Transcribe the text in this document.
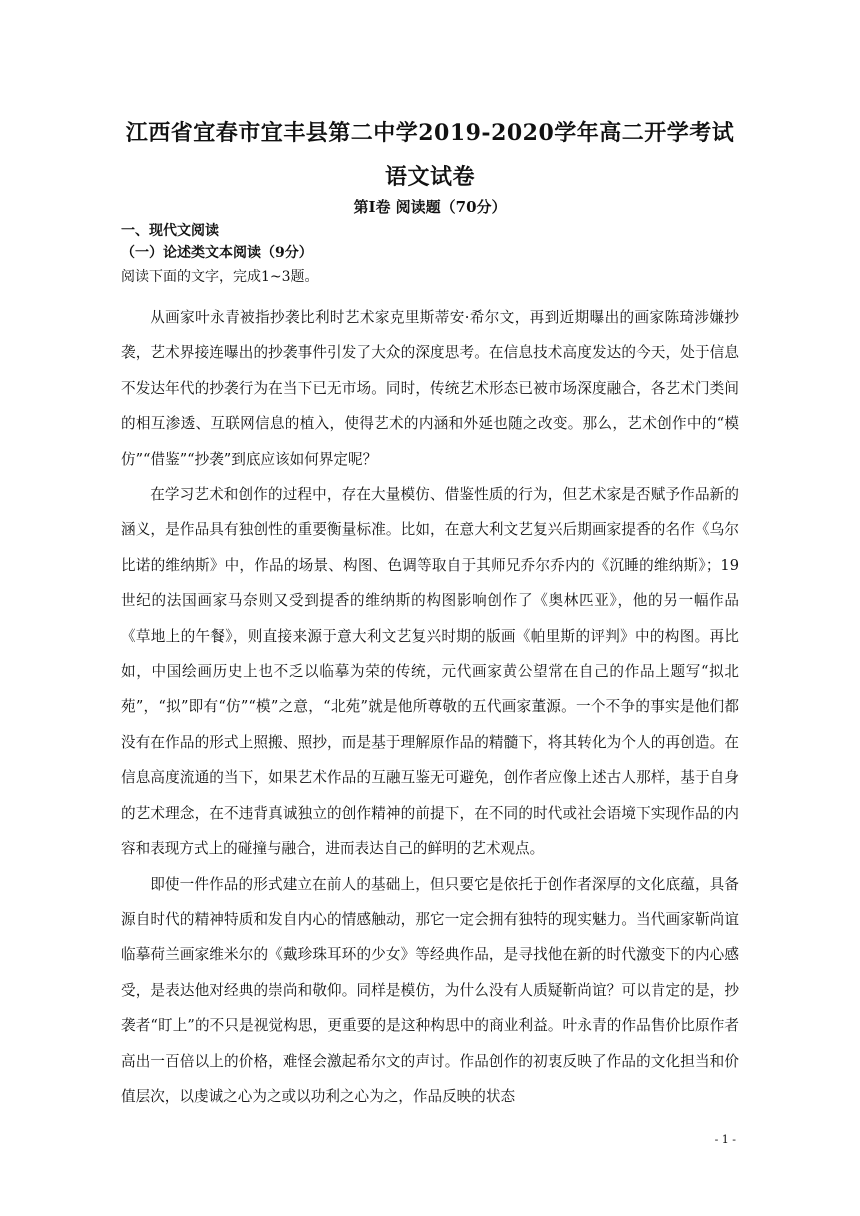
江西省宜春市宜丰县第二中学2019-2020学年高二开学考试
语文试卷
第Ⅰ卷 阅读题（70分）
一、现代文阅读
（一）论述类文本阅读（9分）
阅读下面的文字，完成1~3题。

从画家叶永青被指抄袭比利时艺术家克里斯蒂安·希尔文，再到近期曝出的画家陈琦涉嫌抄袭，艺术界接连曝出的抄袭事件引发了大众的深度思考。在信息技术高度发达的今天，处于信息不发达年代的抄袭行为在当下已无市场。同时，传统艺术形态已被市场深度融合，各艺术门类间的相互渗透、互联网信息的植入，使得艺术的内涵和外延也随之改变。那么，艺术创作中的“模仿”“借鉴”“抄袭”到底应该如何界定呢？

在学习艺术和创作的过程中，存在大量模仿、借鉴性质的行为，但艺术家是否赋予作品新的涵义，是作品具有独创性的重要衡量标准。比如，在意大利文艺复兴后期画家提香的名作《乌尔比诺的维纳斯》中，作品的场景、构图、色调等取自于其师兄乔尔乔内的《沉睡的维纳斯》；19世纪的法国画家马奈则又受到提香的维纳斯的构图影响创作了《奥林匹亚》，他的另一幅作品《草地上的午餐》，则直接来源于意大利文艺复兴时期的版画《帕里斯的评判》中的构图。再比如，中国绘画历史上也不乏以临摹为荣的传统，元代画家黄公望常在自己的作品上题写“拟北苑”，“拟”即有“仿”“模”之意，“北苑”就是他所尊敬的五代画家董源。一个不争的事实是他们都没有在作品的形式上照搬、照抄，而是基于理解原作品的精髓下，将其转化为个人的再创造。在信息高度流通的当下，如果艺术作品的互融互鉴无可避免，创作者应像上述古人那样，基于自身的艺术理念，在不违背真诚独立的创作精神的前提下，在不同的时代或社会语境下实现作品的内容和表现方式上的碰撞与融合，进而表达自己的鲜明的艺术观点。

即使一件作品的形式建立在前人的基础上，但只要它是依托于创作者深厚的文化底蕴，具备源自时代的精神特质和发自内心的情感触动，那它一定会拥有独特的现实魅力。当代画家靳尚谊临摹荷兰画家维米尔的《戴珍珠耳环的少女》等经典作品，是寻找他在新的时代激变下的内心感受，是表达他对经典的崇尚和敬仰。同样是模仿，为什么没有人质疑靳尚谊？可以肯定的是，抄袭者“盯上”的不只是视觉构思，更重要的是这种构思中的商业利益。叶永青的作品售价比原作者高出一百倍以上的价格，难怪会激起希尔文的声讨。作品创作的初衷反映了作品的文化担当和价值层次，以虔诚之心为之或以功利之心为之，作品反映的状态

- 1 -
